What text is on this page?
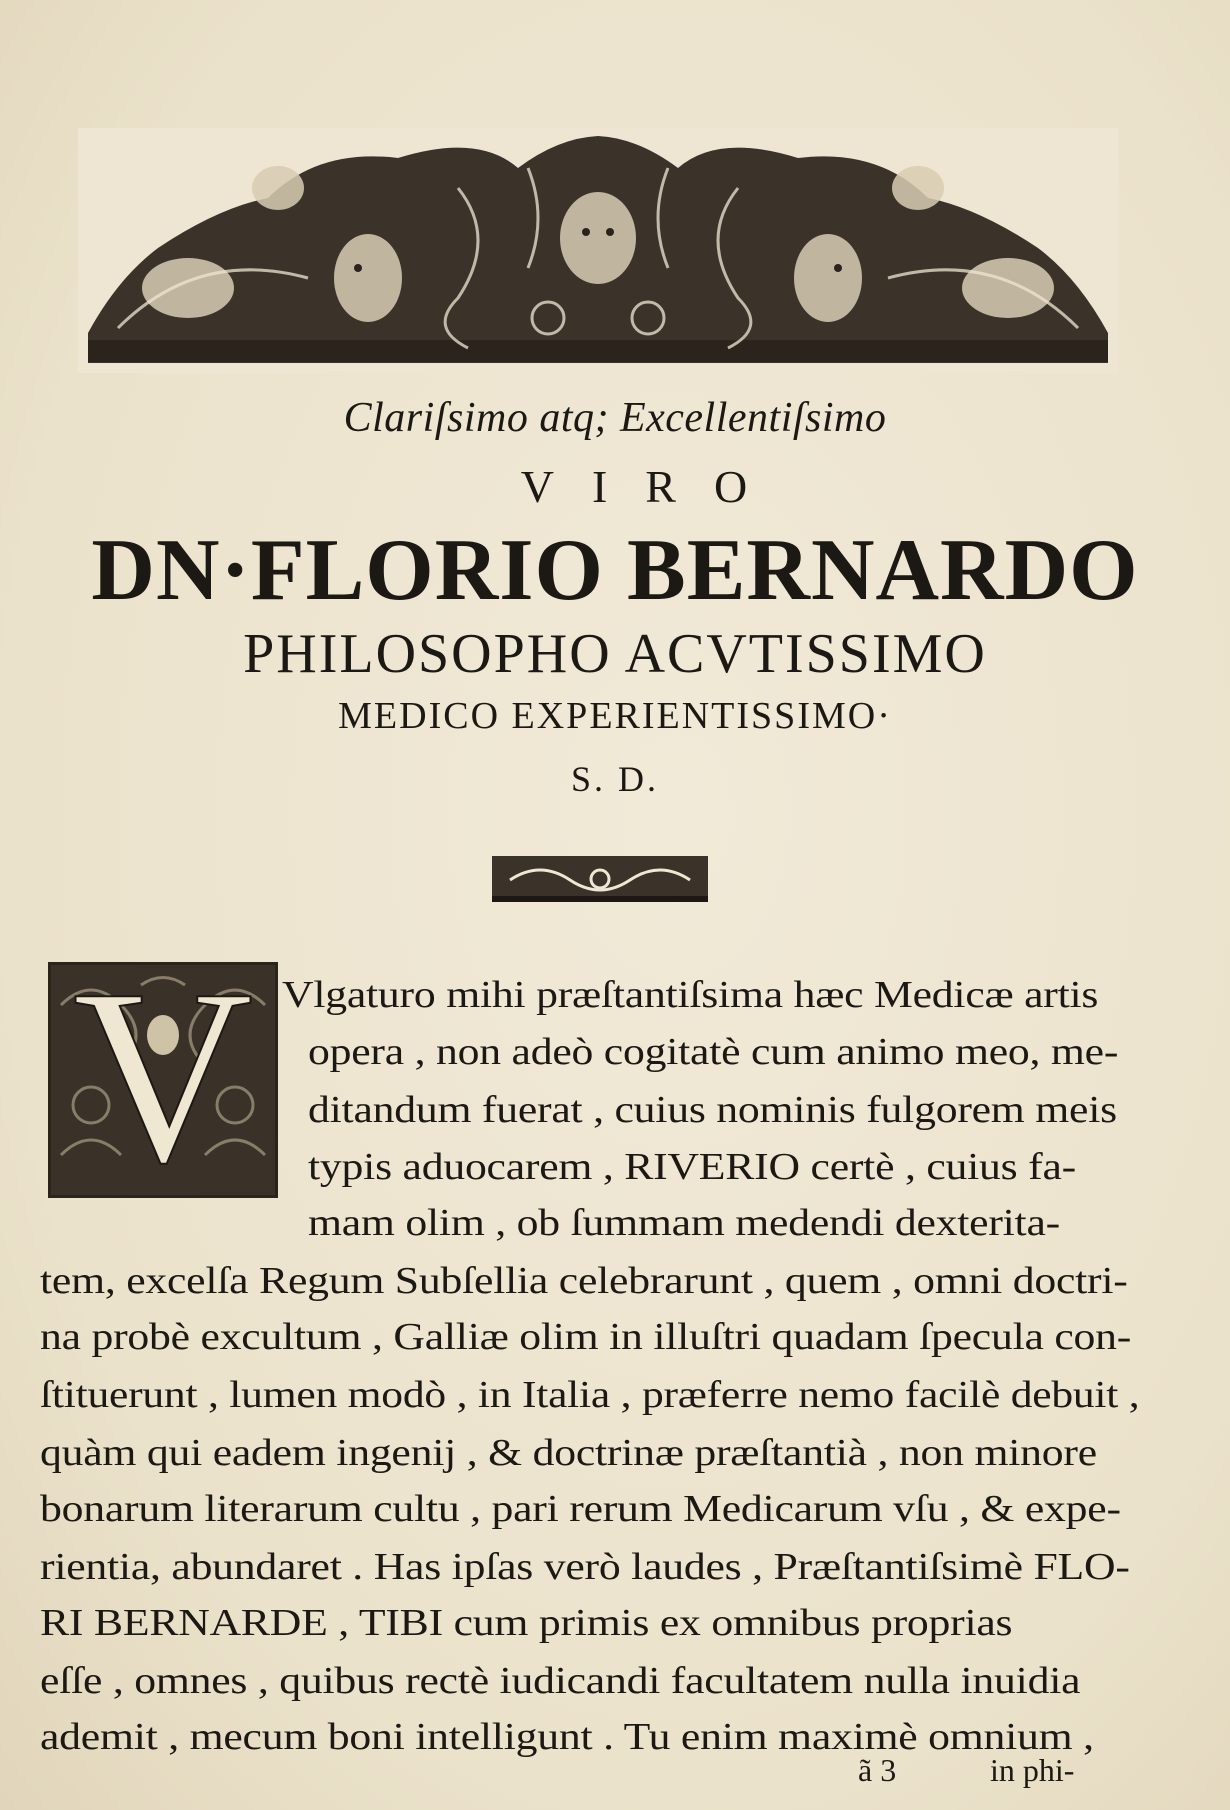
Clariſsimo atq; Excellentiſsimo
VIRO
DN·FLORIO BERNARDO
PHILOSOPHO ACVTISSIMO
MEDICO EXPERIENTISSIMO·
S. D.
V Vlgaturo mihi præſtantiſsima hæc Medicæ artis
opera , non adeò cogitatè cum animo meo, me-
ditandum fuerat , cuius nominis fulgorem meis
typis aduocarem , RIVERIO certè , cuius fa-
mam olim , ob ſummam medendi dexterita-
tem, excelſa Regum Subſellia celebrarunt , quem , omni doctri-
na probè excultum , Galliæ olim in illuſtri quadam ſpecula con-
ſtituerunt , lumen modò , in Italia , præferre nemo facilè debuit ,
quàm qui eadem ingenij , & doctrinæ præſtantià , non minore
bonarum literarum cultu , pari rerum Medicarum vſu , & expe-
rientia, abundaret . Has ipſas verò laudes , Præſtantiſsimè FLO-
RI BERNARDE , TIBI cum primis ex omnibus proprias
eſſe , omnes , quibus rectè iudicandi facultatem nulla inuidia
ademit , mecum boni intelligunt . Tu enim maximè omnium ,
ã 3	in phi-
